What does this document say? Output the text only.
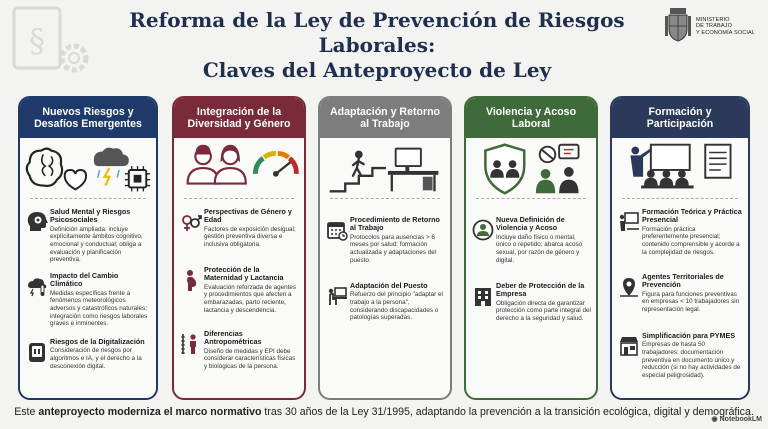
§
Reforma de la Ley de Prevención de Riesgos Laborales:
Claves del Anteproyecto de Ley
MINISTERIO
DE TRABAJO
Y ECONOMÍA SOCIAL
Nuevos Riesgos y Desafíos Emergentes
Salud Mental y Riesgos Psicosociales
Definición ampliada: incluye explícitamente ámbitos cognitivo, emocional y conductual; obliga a evaluación y planificación preventiva.
Impacto del Cambio Climático
Medidas específicas frente a fenómenos meteorológicos adversos y catastróficos naturales; integración como riesgos laborales graves e inminentes.
Riesgos de la Digitalización
Consideración de riesgos por algoritmos e IA, y el derecho a la desconexión digital.
Integración de la Diversidad y Género
Perspectivas de Género y Edad
Factores de exposición desigual; gestión preventiva diversa e inclusiva obligatoria.
Protección de la Maternidad y Lactancia
Evaluación reforzada de agentes y procedimientos que afecten a embarazadas, parto reciente, lactancia y descendencia.
Diferencias Antropométricas
Diseño de medidas y EPI debe considerar características físicas y biológicas de la persona.
Adaptación y Retorno al Trabajo
Procedimiento de Retorno al Trabajo
Protocolos para ausencias > 6 meses por salud: formación actualizada y adaptaciones del puesto.
Adaptación del Puesto
Refuerzo del principio "adaptar el trabajo a la persona", considerando discapacidades o patologías superadas.
Violencia y Acoso Laboral
Nueva Definición de Violencia y Acoso
Incluye daño físico o mental, único o repetido; abarca acoso sexual, por razón de género y digital.
Deber de Protección de la Empresa
Obligación directa de garantizar protección como parte integral del derecho a la seguridad y salud.
Formación y Participación
Formación Teórica y Práctica Presencial
Formación práctica preferentemente presencial; contenido comprensible y acorde a la complejidad de riesgos.
Agentes Territoriales de Prevención
Figura para funciones preventivas en empresas < 10 trabajadores sin representación legal.
Simplificación para PYMES
Empresas de hasta 50 trabajadores: documentación preventiva en documento único y reducción (si no hay actividades de especial peligrosidad).
Este anteproyecto moderniza el marco normativo tras 30 años de la Ley 31/1995, adaptando la prevención a la transición ecológica, digital y demográfica.
◉ NotebookLM
